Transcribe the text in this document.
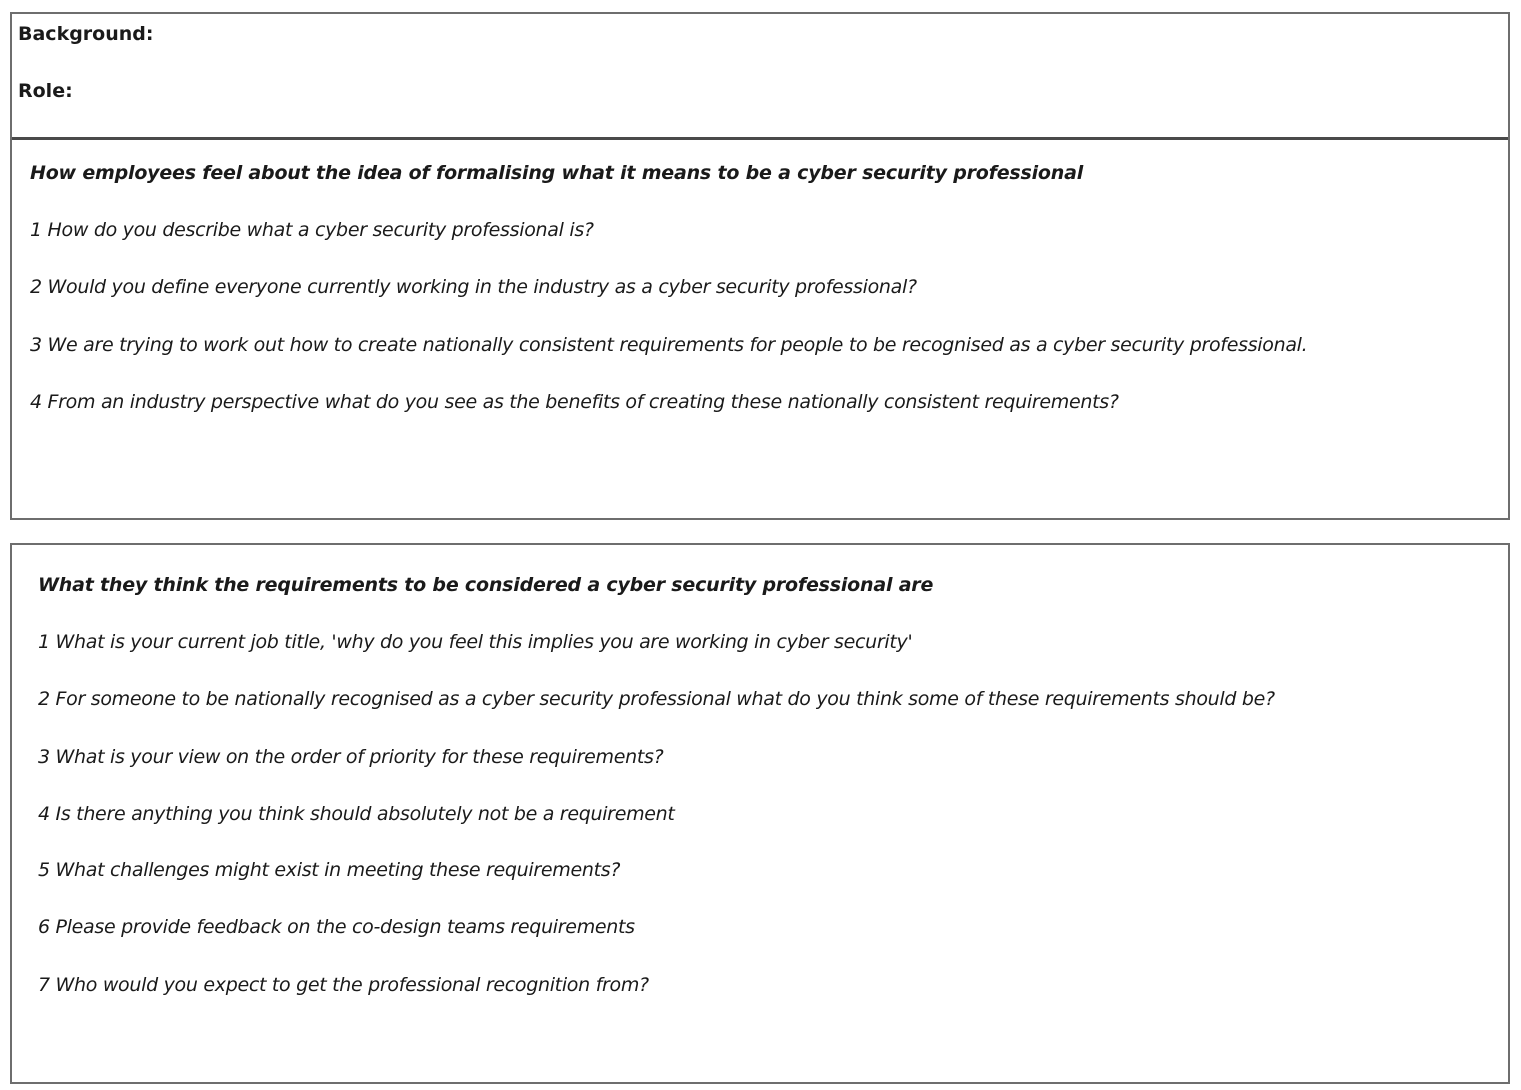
Background:
Role:
How employees feel about the idea of formalising what it means to be a cyber security professional
1 How do you describe what a cyber security professional is?
2 Would you define everyone currently working in the industry as a cyber security professional?
3 We are trying to work out how to create nationally consistent requirements for people to be recognised as a cyber security professional.
4 From an industry perspective what do you see as the benefits of creating these nationally consistent requirements?
What they think the requirements to be considered a cyber security professional are
1 What is your current job title, 'why do you feel this implies you are working in cyber security'
2 For someone to be nationally recognised as a cyber security professional what do you think some of these requirements should be?
3 What is your view on the order of priority for these requirements?
4 Is there anything you think should absolutely not be a requirement
5 What challenges might exist in meeting these requirements?
6 Please provide feedback on the co-design teams requirements
7 Who would you expect to get the professional recognition from?
